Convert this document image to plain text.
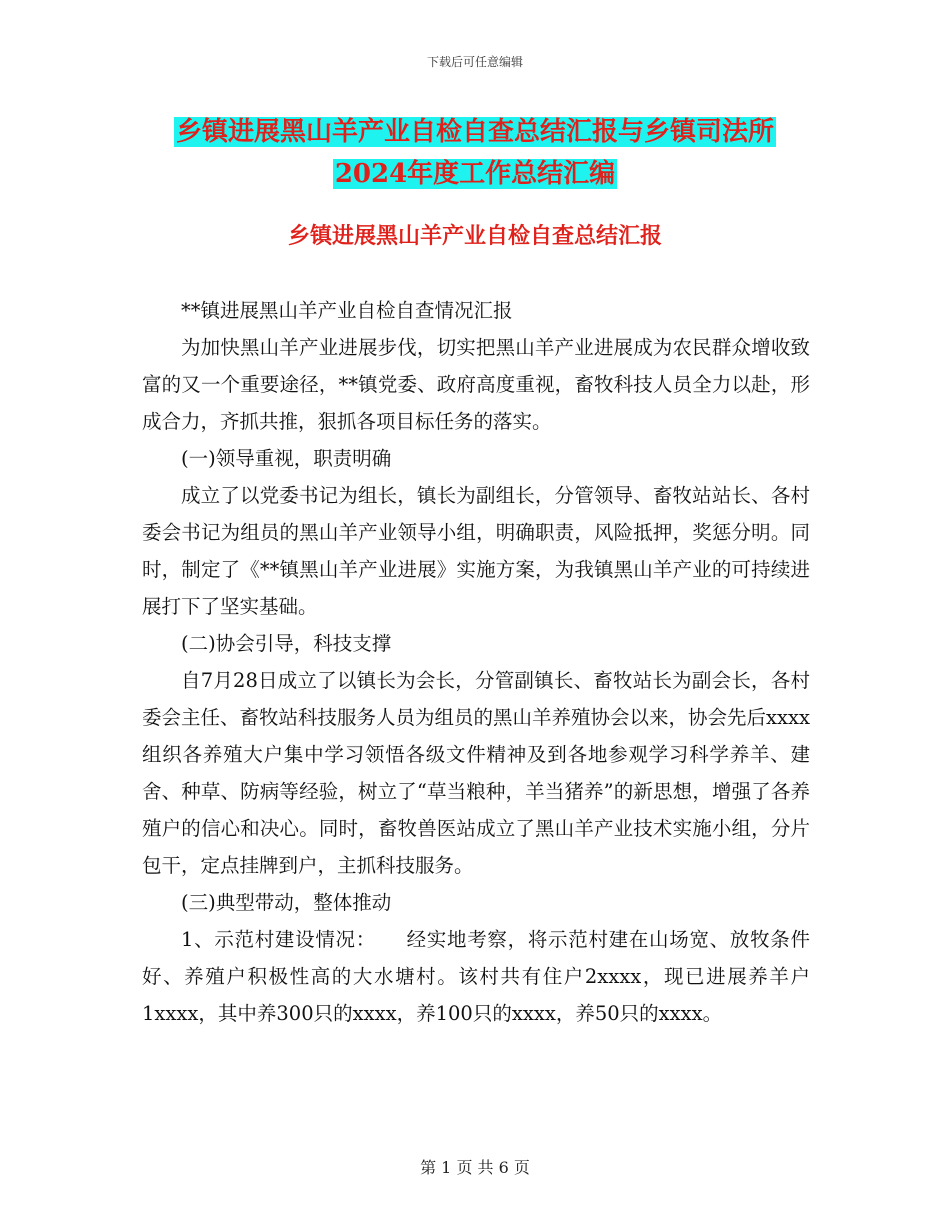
下载后可任意编辑
乡镇进展黑山羊产业自检自查总结汇报与乡镇司法所
2024年度工作总结汇编
乡镇进展黑山羊产业自检自查总结汇报

**镇进展黑山羊产业自检自查情况汇报

为加快黑山羊产业进展步伐，切实把黑山羊产业进展成为农民群众增收致富的又一个重要途径，**镇党委、政府高度重视，畜牧科技人员全力以赴，形成合力，齐抓共推，狠抓各项目标任务的落实。

(一)领导重视，职责明确

成立了以党委书记为组长，镇长为副组长，分管领导、畜牧站站长、各村委会书记为组员的黑山羊产业领导小组，明确职责，风险抵押，奖惩分明。同时，制定了《**镇黑山羊产业进展》实施方案，为我镇黑山羊产业的可持续进展打下了坚实基础。

(二)协会引导，科技支撑

自7月28日成立了以镇长为会长，分管副镇长、畜牧站长为副会长，各村委会主任、畜牧站科技服务人员为组员的黑山羊养殖协会以来，协会先后xxxx组织各养殖大户集中学习领悟各级文件精神及到各地参观学习科学养羊、建舍、种草、防病等经验，树立了“草当粮种，羊当猪养”的新思想，增强了各养殖户的信心和决心。同时，畜牧兽医站成立了黑山羊产业技术实施小组，分片包干，定点挂牌到户，主抓科技服务。

(三)典型带动，整体推动

1、示范村建设情况：　　经实地考察，将示范村建在山场宽、放牧条件好、养殖户积极性高的大水塘村。该村共有住户2xxxx，现已进展养羊户1xxxx，其中养300只的xxxx，养100只的xxxx，养50只的xxxx。

第 1 页 共 6 页
